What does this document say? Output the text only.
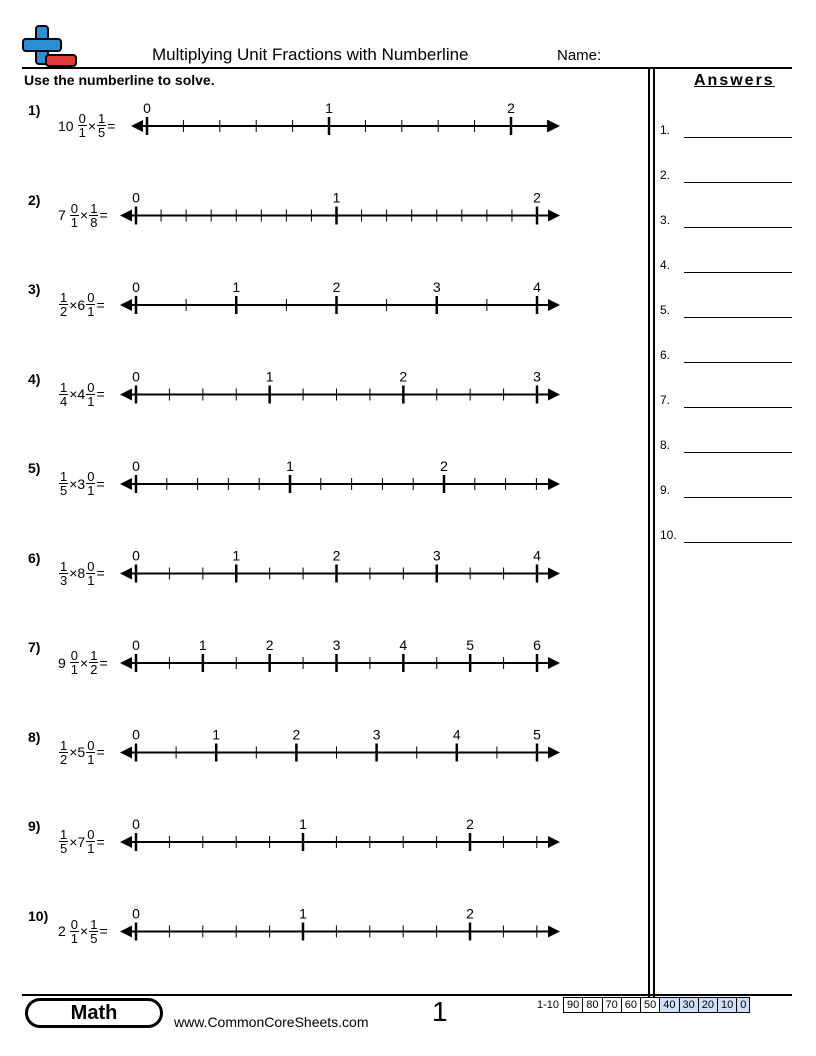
Multiplying Unit Fractions with Numberline	Name:
Use the numberline to solve.	Answers
1.
2.
3.
4.
5.
6.
7.
8.
9.
10.
1)
$10 \frac{0}{1} \times \frac{1}{5}$ =
0	1	2
2)
$7 \frac{0}{1} \times \frac{1}{8}$ =
0	1	2
3)
$\frac{1}{2} \times 6 \frac{0}{1}$ =
0	1	2	3	4
4)
$\frac{1}{4} \times 4 \frac{0}{1}$ =
0	1	2	3
5)
$\frac{1}{5} \times 3 \frac{0}{1}$ =
0	1	2
6)
$\frac{1}{3} \times 8 \frac{0}{1}$ =
0	1	2	3	4
7)
$9 \frac{0}{1} \times \frac{1}{2}$ =
0	1	2	3	4	5	6
8)
$\frac{1}{2} \times 5 \frac{0}{1}$ =
0	1	2	3	4	5
9)
$\frac{1}{5} \times 7 \frac{0}{1}$ =
0	1	2
10)
$2 \frac{0}{1} \times \frac{1}{5}$ =
0	1	2
Math	www.CommonCoreSheets.com 1	1-10	90	80	70	60	50	40	30	20	10	0
